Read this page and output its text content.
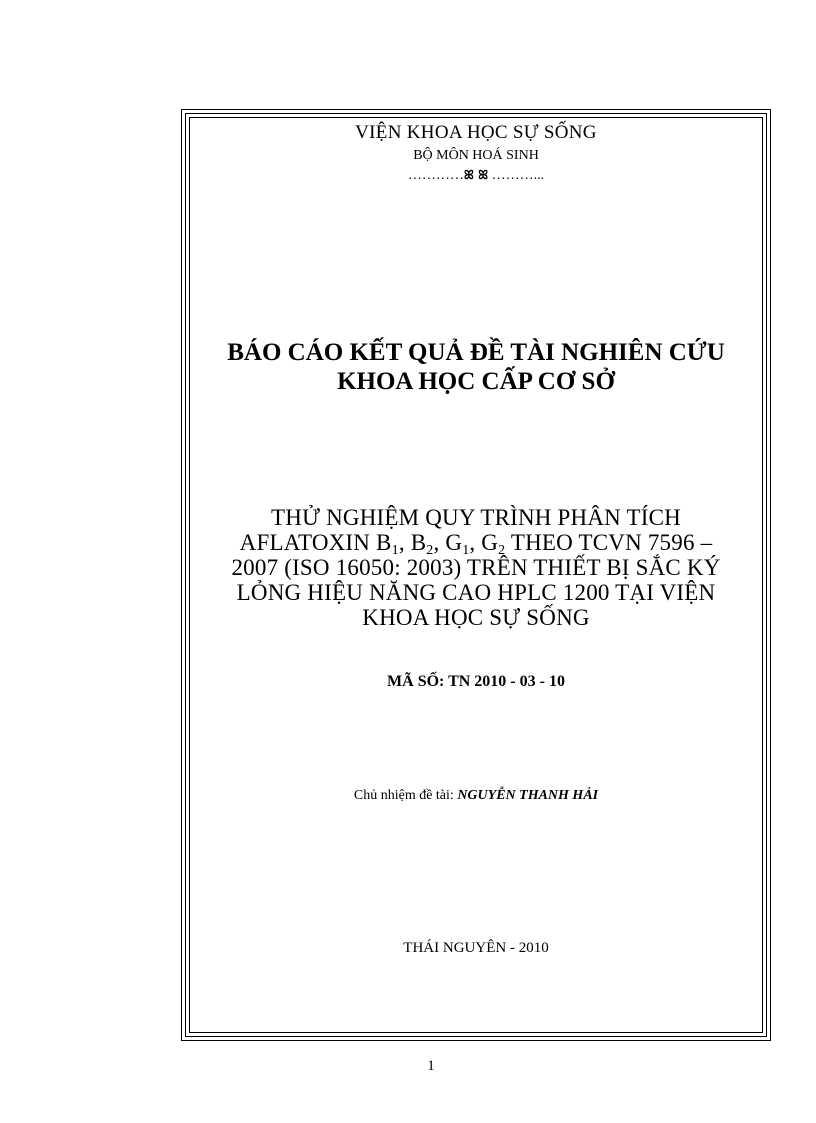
VIỆN KHOA HỌC SỰ SỐNG

BỘ MÔN HOÁ SINH

…………ꕤ ꕤ ………...

BÁO CÁO KẾT QUẢ ĐỀ TÀI NGHIÊN CỨU
KHOA HỌC CẤP CƠ SỞ
THỬ NGHIỆM QUY TRÌNH PHÂN TÍCH
AFLATOXIN $B_1$, $B_2$, $G_1$, $G_2$ THEO TCVN 7596 –
2007 (ISO 16050: 2003) TRÊN THIẾT BỊ SẮC KÝ
LỎNG HIỆU NĂNG CAO HPLC 1200 TẠI VIỆN
KHOA HỌC SỰ SỐNG

MÃ SỐ: TN 2010 - 03 - 10

Chủ nhiệm đề tài: NGUYỄN THANH HẢI

THÁI NGUYÊN - 2010

1
